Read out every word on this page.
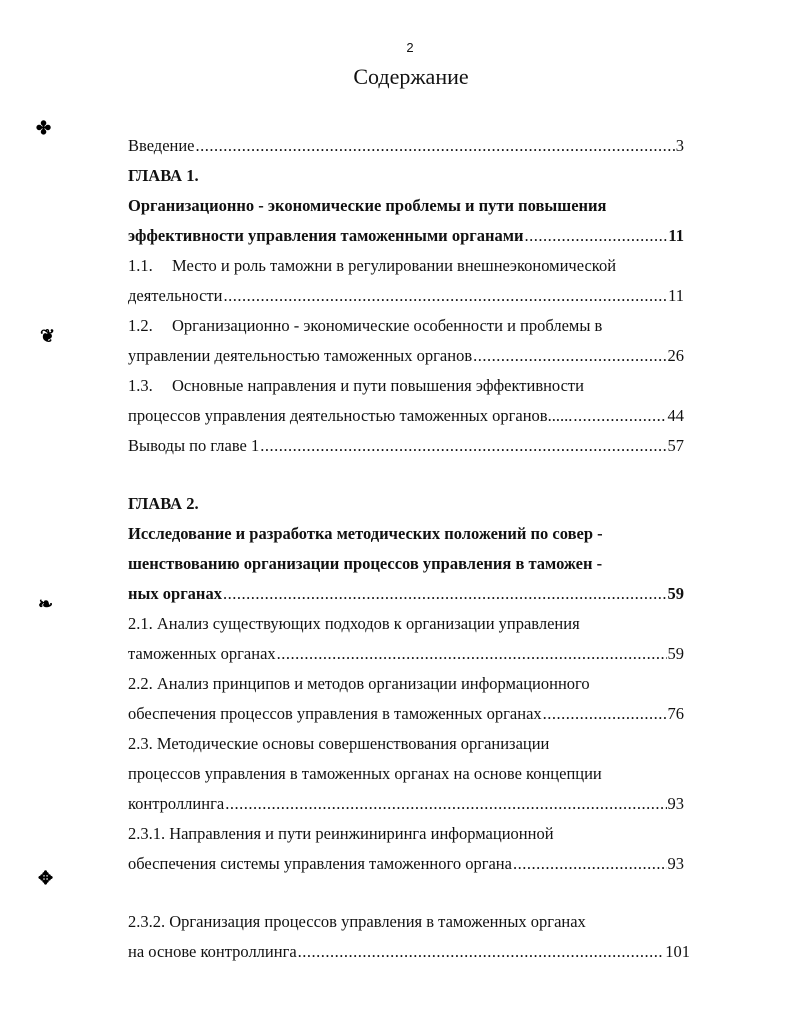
2
Содержание
✤
❦
❧
✥
Введение .....	3
ГЛАВА 1.
Организационно - экономические проблемы и пути повышения
эффективности управления таможенными органами .....	11
1.1. Место и роль таможни в регулировании внешнеэкономической
деятельности .....	11
1.2. Организационно - экономические особенности и проблемы в
управлении деятельностью таможенных органов .....	26
1.3. Основные направления и пути повышения эффективности
процессов управления деятельностью таможенных органов...... .....	44
Выводы по главе 1 .....	57
ГЛАВА 2.
Исследование и разработка методических положений по совер -
шенствованию организации процессов управления в таможен -
ных органах .....	59
2.1. Анализ существующих подходов к организации управления
таможенных органах .....	59
2.2. Анализ принципов и методов организации информационного
обеспечения процессов управления в таможенных органах .....	76
2.3. Методические основы совершенствования организации
процессов управления в таможенных органах на основе концепции
контроллинга .....	93
2.3.1. Направления и пути реинжиниринга информационной
обеспечения системы управления таможенного органа .....	93
2.3.2. Организация процессов управления в таможенных органах
на основе контроллинга .....	101
